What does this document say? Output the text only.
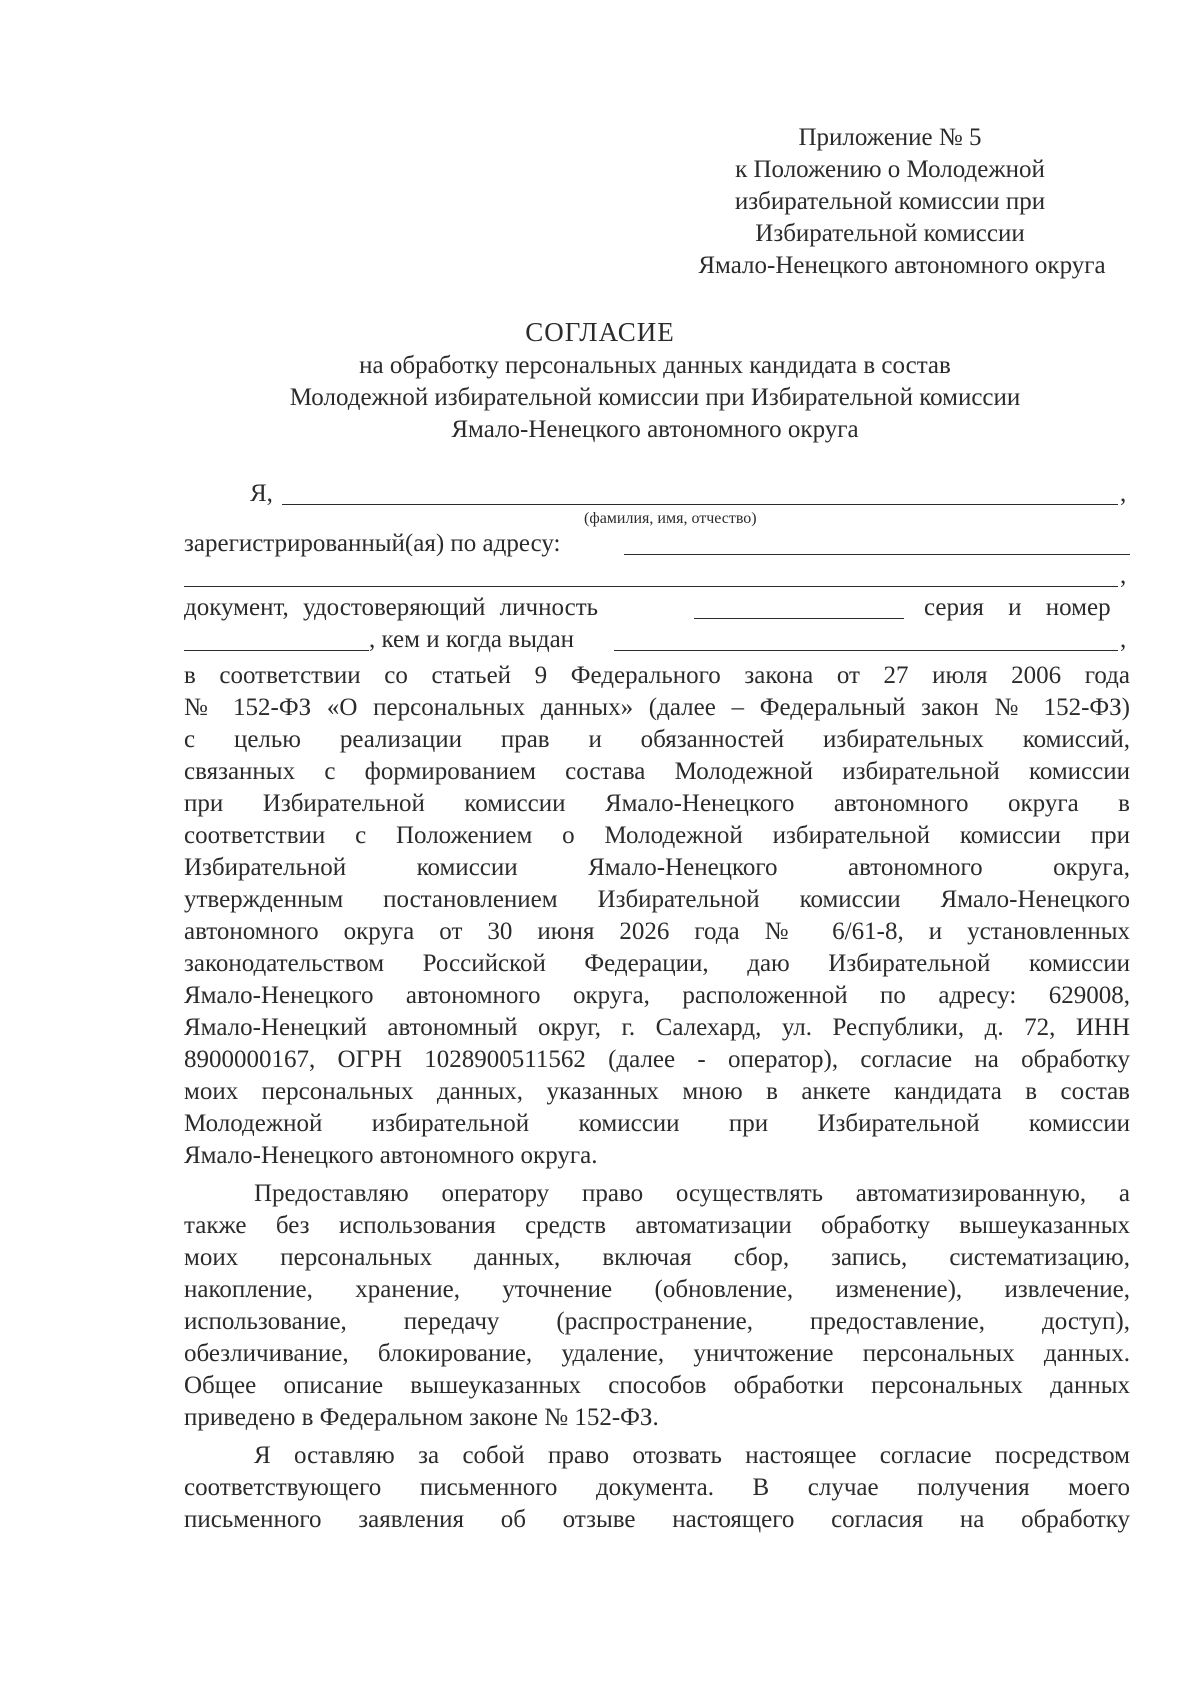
Приложение № 5
к Положению о Молодежной
избирательной комиссии при
Избирательной комиссии
Ямало-Ненецкого автономного округа
СОГЛАСИЕ
на обработку персональных данных кандидата в состав
Молодежной избирательной комиссии при Избирательной комиссии
Ямало-Ненецкого автономного округа
Я,	,
(фамилия, имя, отчество)
зарегистрированный(ая) по адресу:
,
документ, удостоверяющий личность	серия и номер
, кем и когда выдан	,
в соответствии со статьей 9 Федерального закона от 27 июля 2006 года
№ 152-ФЗ «О персональных данных» (далее – Федеральный закон № 152-ФЗ)
с целью реализации прав и обязанностей избирательных комиссий,
связанных с формированием состава Молодежной избирательной комиссии
при Избирательной комиссии Ямало-Ненецкого автономного округа в
соответствии с Положением о Молодежной избирательной комиссии при
Избирательной комиссии Ямало-Ненецкого автономного округа,
утвержденным постановлением Избирательной комиссии Ямало-Ненецкого
автономного округа от 30 июня 2026 года № 6/61-8, и установленных
законодательством Российской Федерации, даю Избирательной комиссии
Ямало-Ненецкого автономного округа, расположенной по адресу: 629008,
Ямало-Ненецкий автономный округ, г. Салехард, ул. Республики, д. 72, ИНН
8900000167, ОГРН 1028900511562 (далее - оператор), согласие на обработку
моих персональных данных, указанных мною в анкете кандидата в состав
Молодежной избирательной комиссии при Избирательной комиссии
Ямало-Ненецкого автономного округа.
Предоставляю оператору право осуществлять автоматизированную, а
также без использования средств автоматизации обработку вышеуказанных
моих персональных данных, включая сбор, запись, систематизацию,
накопление, хранение, уточнение (обновление, изменение), извлечение,
использование, передачу (распространение, предоставление, доступ),
обезличивание, блокирование, удаление, уничтожение персональных данных.
Общее описание вышеуказанных способов обработки персональных данных
приведено в Федеральном законе № 152-ФЗ.
Я оставляю за собой право отозвать настоящее согласие посредством
соответствующего письменного документа. В случае получения моего
письменного заявления об отзыве настоящего согласия на обработку
